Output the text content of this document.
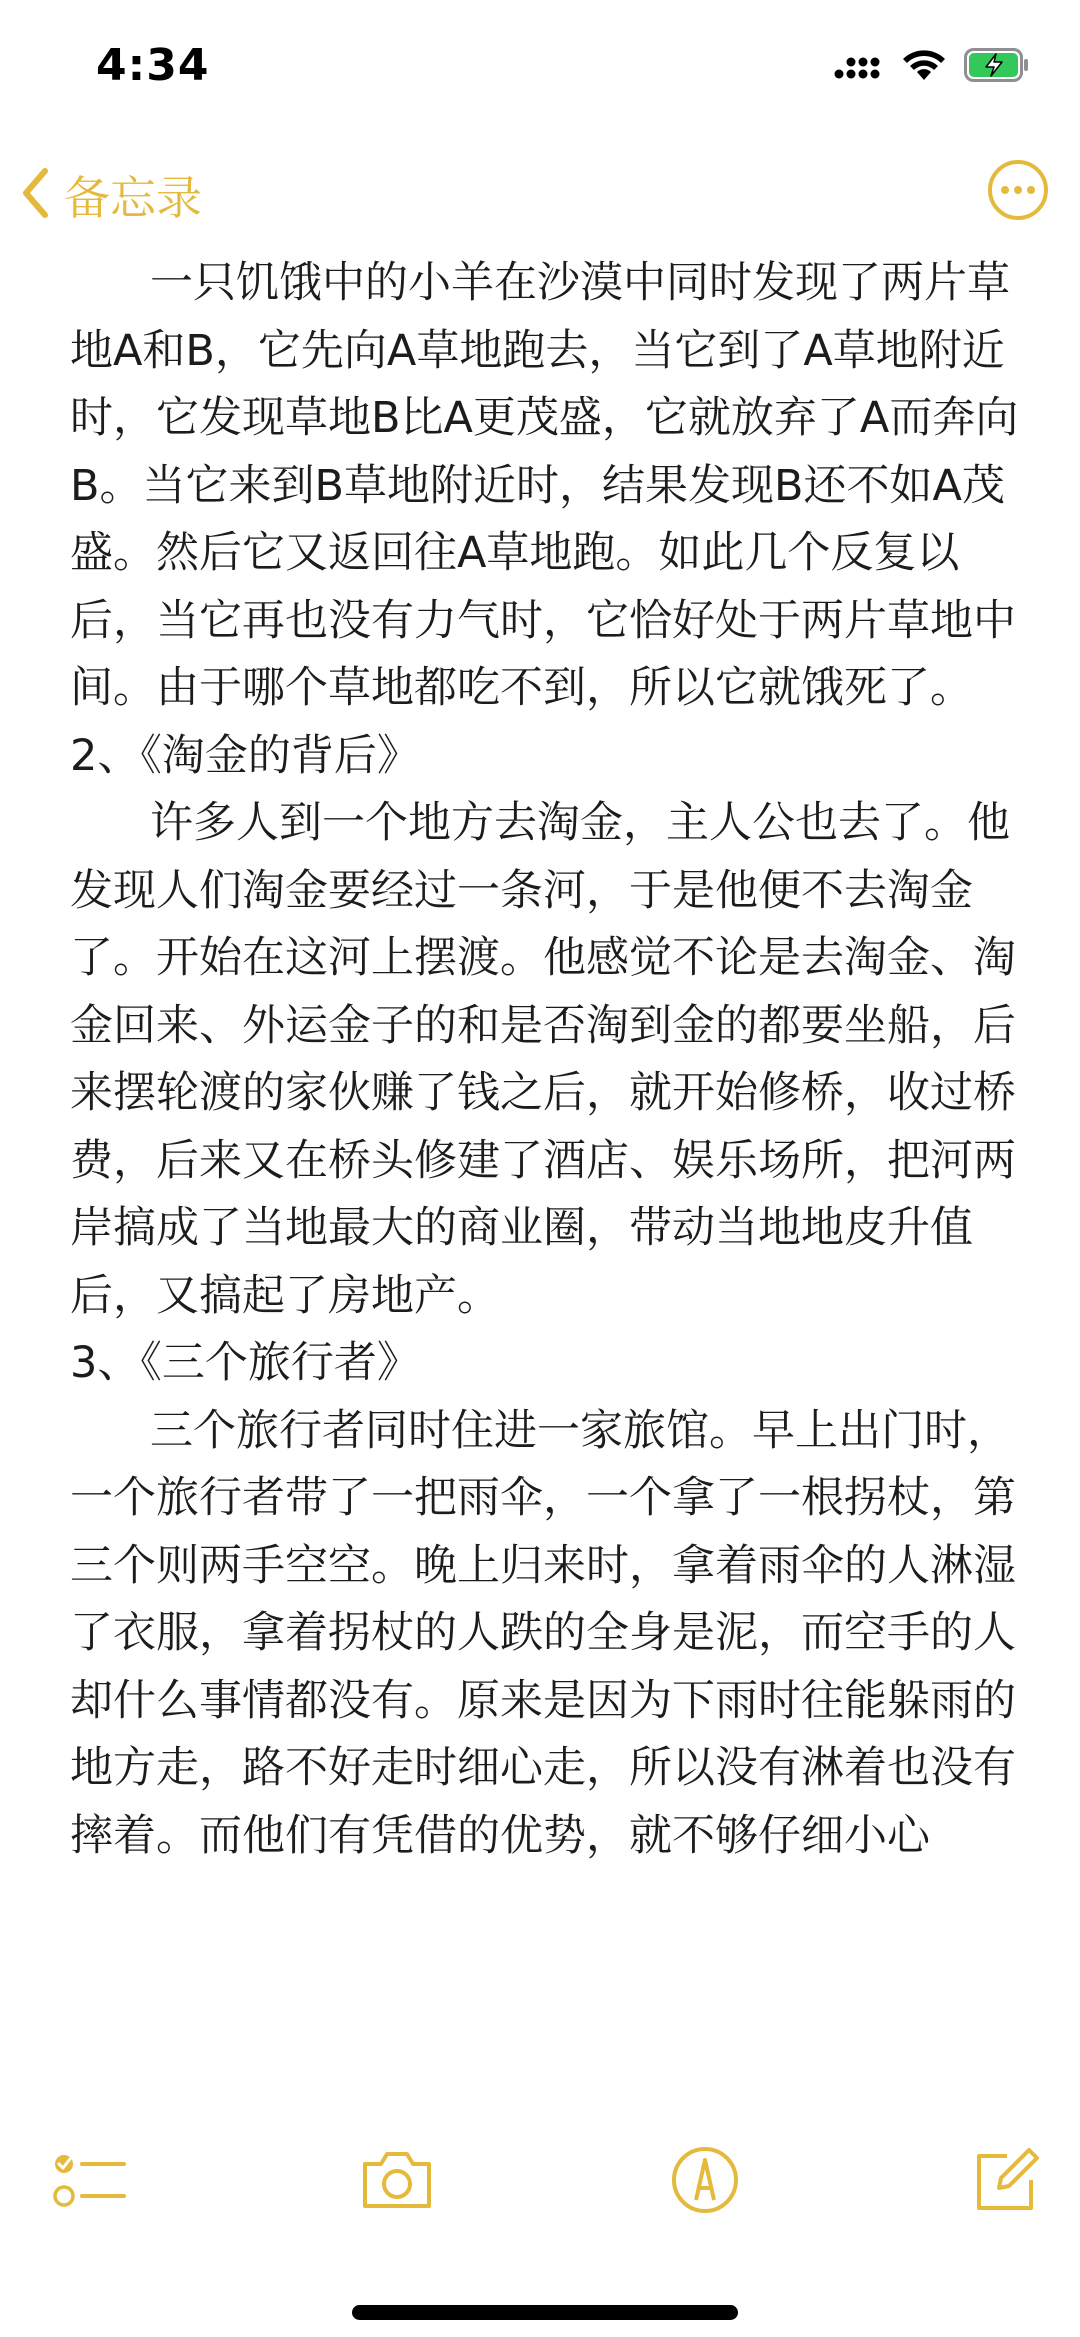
4:34
备忘录

一只饥饿中的小羊在沙漠中同时发现了两片草地A和B，它先向A草地跑去，当它到了A草地附近时，它发现草地B比A更茂盛，它就放弃了A而奔向B。当它来到B草地附近时，结果发现B还不如A茂盛。然后它又返回往A草地跑。如此几个反复以后，当它再也没有力气时，它恰好处于两片草地中间。由于哪个草地都吃不到，所以它就饿死了。

2、《淘金的背后》

许多人到一个地方去淘金，主人公也去了。他发现人们淘金要经过一条河，于是他便不去淘金了。开始在这河上摆渡。他感觉不论是去淘金、淘金回来、外运金子的和是否淘到金的都要坐船，后来摆轮渡的家伙赚了钱之后，就开始修桥，收过桥费，后来又在桥头修建了酒店、娱乐场所，把河两岸搞成了当地最大的商业圈，带动当地地皮升值后，又搞起了房地产。

3、《三个旅行者》

三个旅行者同时住进一家旅馆。早上出门时，一个旅行者带了一把雨伞，一个拿了一根拐杖，第三个则两手空空。晚上归来时，拿着雨伞的人淋湿了衣服，拿着拐杖的人跌的全身是泥，而空手的人却什么事情都没有。原来是因为下雨时往能躲雨的地方走，路不好走时细心走，所以没有淋着也没有摔着。而他们有凭借的优势，就不够仔细小心
